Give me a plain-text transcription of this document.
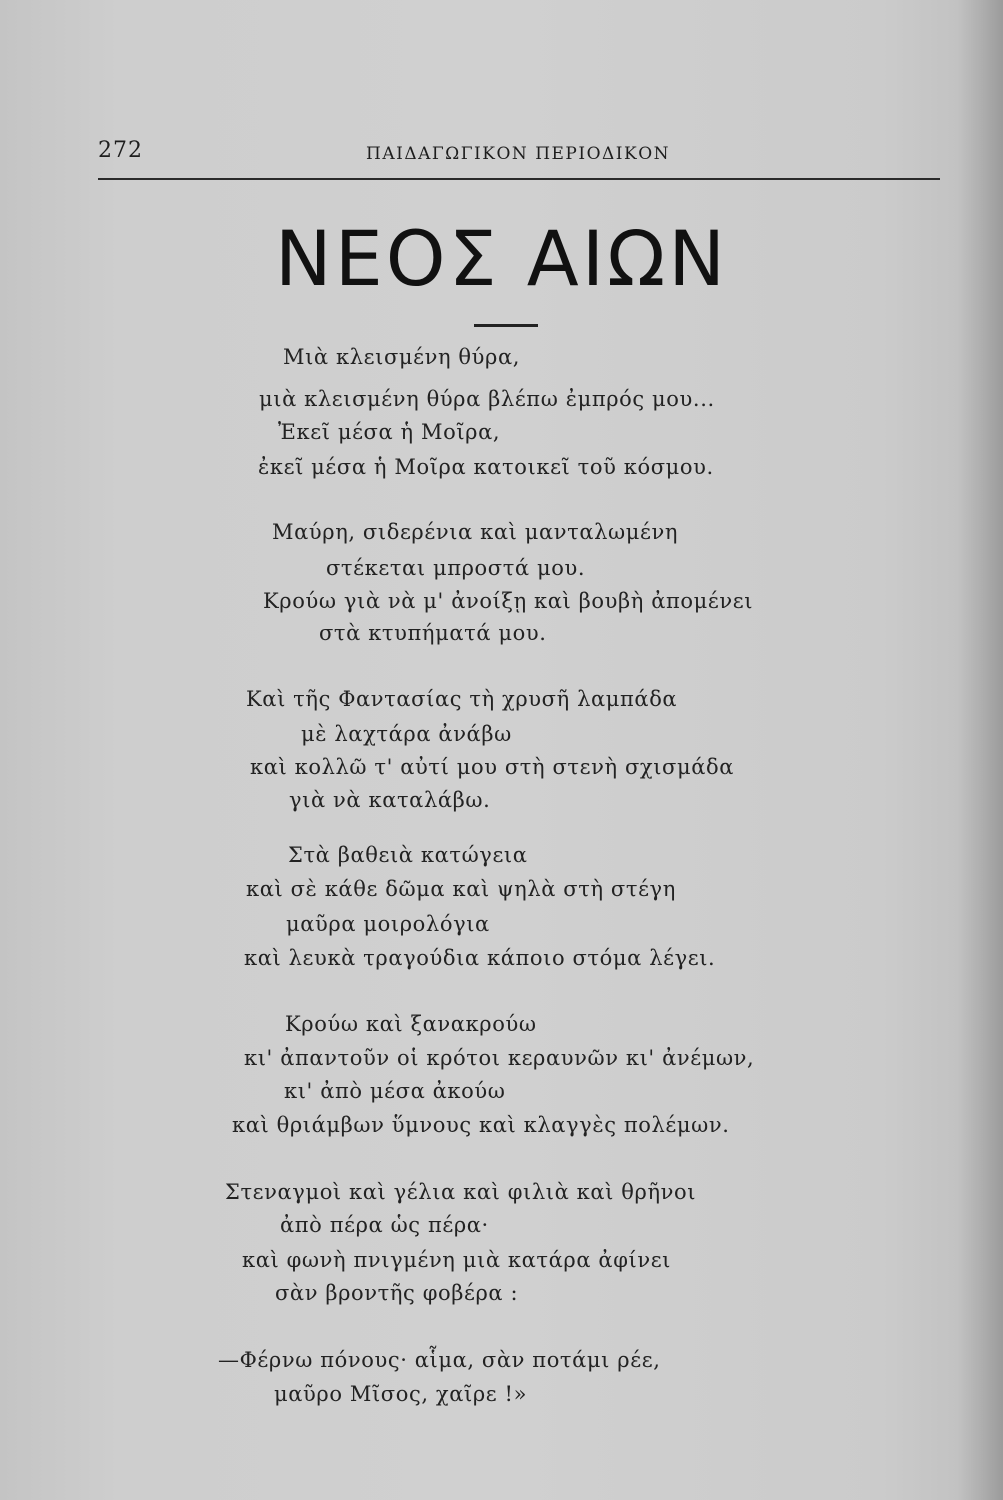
272	ΠΑΙΔΑΓΩΓΙΚΟΝ ΠΕΡΙΟΔΙΚΟΝ
ΝΕΟΣ ΑΙΩΝ
Μιὰ κλεισμένη θύρα,
μιὰ κλεισμένη θύρα βλέπω ἐμπρός μου...
Ἐκεῖ μέσα ἡ Μοῖρα,
ἐκεῖ μέσα ἡ Μοῖρα κατοικεῖ τοῦ κόσμου.
Μαύρη, σιδερένια καὶ μανταλωμένη
στέκεται μπροστά μου.
Κρούω γιὰ νὰ μ' ἀνοίξῃ καὶ βουβὴ ἀπομένει
στὰ κτυπήματά μου.
Καὶ τῆς Φαντασίας τὴ χρυσῆ λαμπάδα
μὲ λαχτάρα ἀνάβω
καὶ κολλῶ τ' αὐτί μου στὴ στενὴ σχισμάδα
γιὰ νὰ καταλάβω.
Στὰ βαθειὰ κατώγεια
καὶ σὲ κάθε δῶμα καὶ ψηλὰ στὴ στέγη
μαῦρα μοιρολόγια
καὶ λευκὰ τραγούδια κάποιο στόμα λέγει.
Κρούω καὶ ξανακρούω
κι' ἀπαντοῦν οἱ κρότοι κεραυνῶν κι' ἀνέμων,
κι' ἀπὸ μέσα ἀκούω
καὶ θριάμβων ὕμνους καὶ κλαγγὲς πολέμων.
Στεναγμοὶ καὶ γέλια καὶ φιλιὰ καὶ θρῆνοι
ἀπὸ πέρα ὡς πέρα·
καὶ φωνὴ πνιγμένη μιὰ κατάρα ἀφίνει
σὰν βροντῆς φοβέρα :
—Φέρνω πόνους· αἷμα, σὰν ποτάμι ρέε,
μαῦρο Μῖσος, χαῖρε !»
